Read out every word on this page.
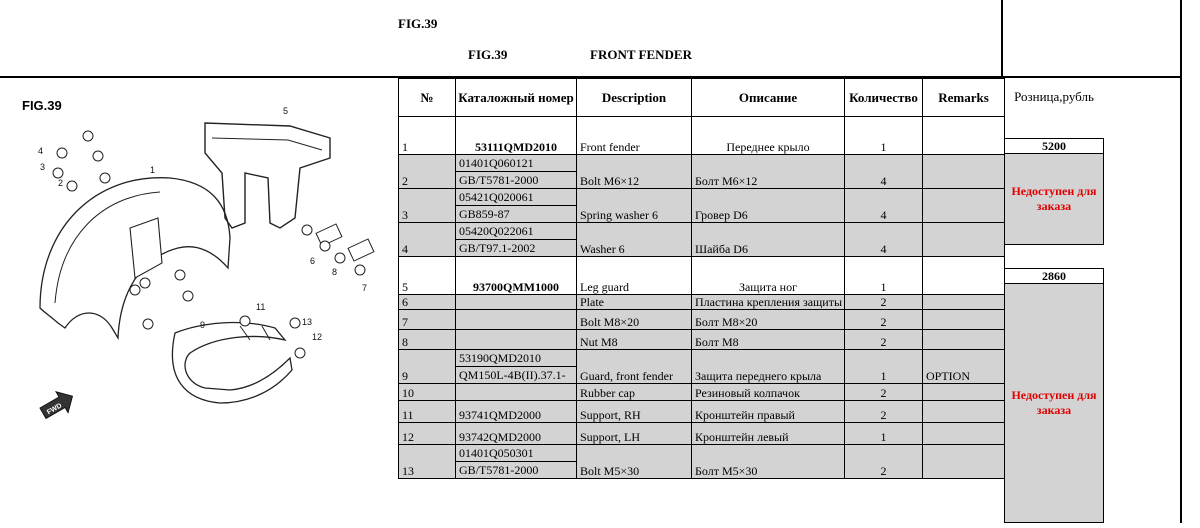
FIG.39
FIG.39	FRONT FENDER
FIG.39
1
2
3
4
5
6
7
8
9
11
12
13
FWD
№	Каталожный номер	Description	Описание	Количество	Remarks
1	53111QMD2010	Front fender	Переднее крыло	1	
2	01401Q060121
GB/T5781-2000	Bolt M6×12	Болт М6×12	4	
3	05421Q020061
GB859-87	Spring washer 6	Гровер D6	4	
4	05420Q022061
GB/T97.1-2002	Washer 6	Шайба D6	4	
5	93700QMM1000	Leg guard	Защита ног	1	
6		Plate	Пластина крепления защиты	2	
7		Bolt M8×20	Болт М8×20	2	
8		Nut M8	Болт М8	2	
9	53190QMD2010
QM150L-4B(II).37.1-	Guard, front fender	Защита переднего крыла	1	OPTION
10		Rubber cap	Резиновый колпачок	2	
11	93741QMD2000	Support, RH	Кронштейн правый	2	
12	93742QMD2000	Support, LH	Кронштейн левый	1	
13	01401Q050301
GB/T5781-2000	Bolt M5×30	Болт М5×30	2	
Розница,рубль
5200
Недоступен для заказа
2860
Недоступен для заказа
